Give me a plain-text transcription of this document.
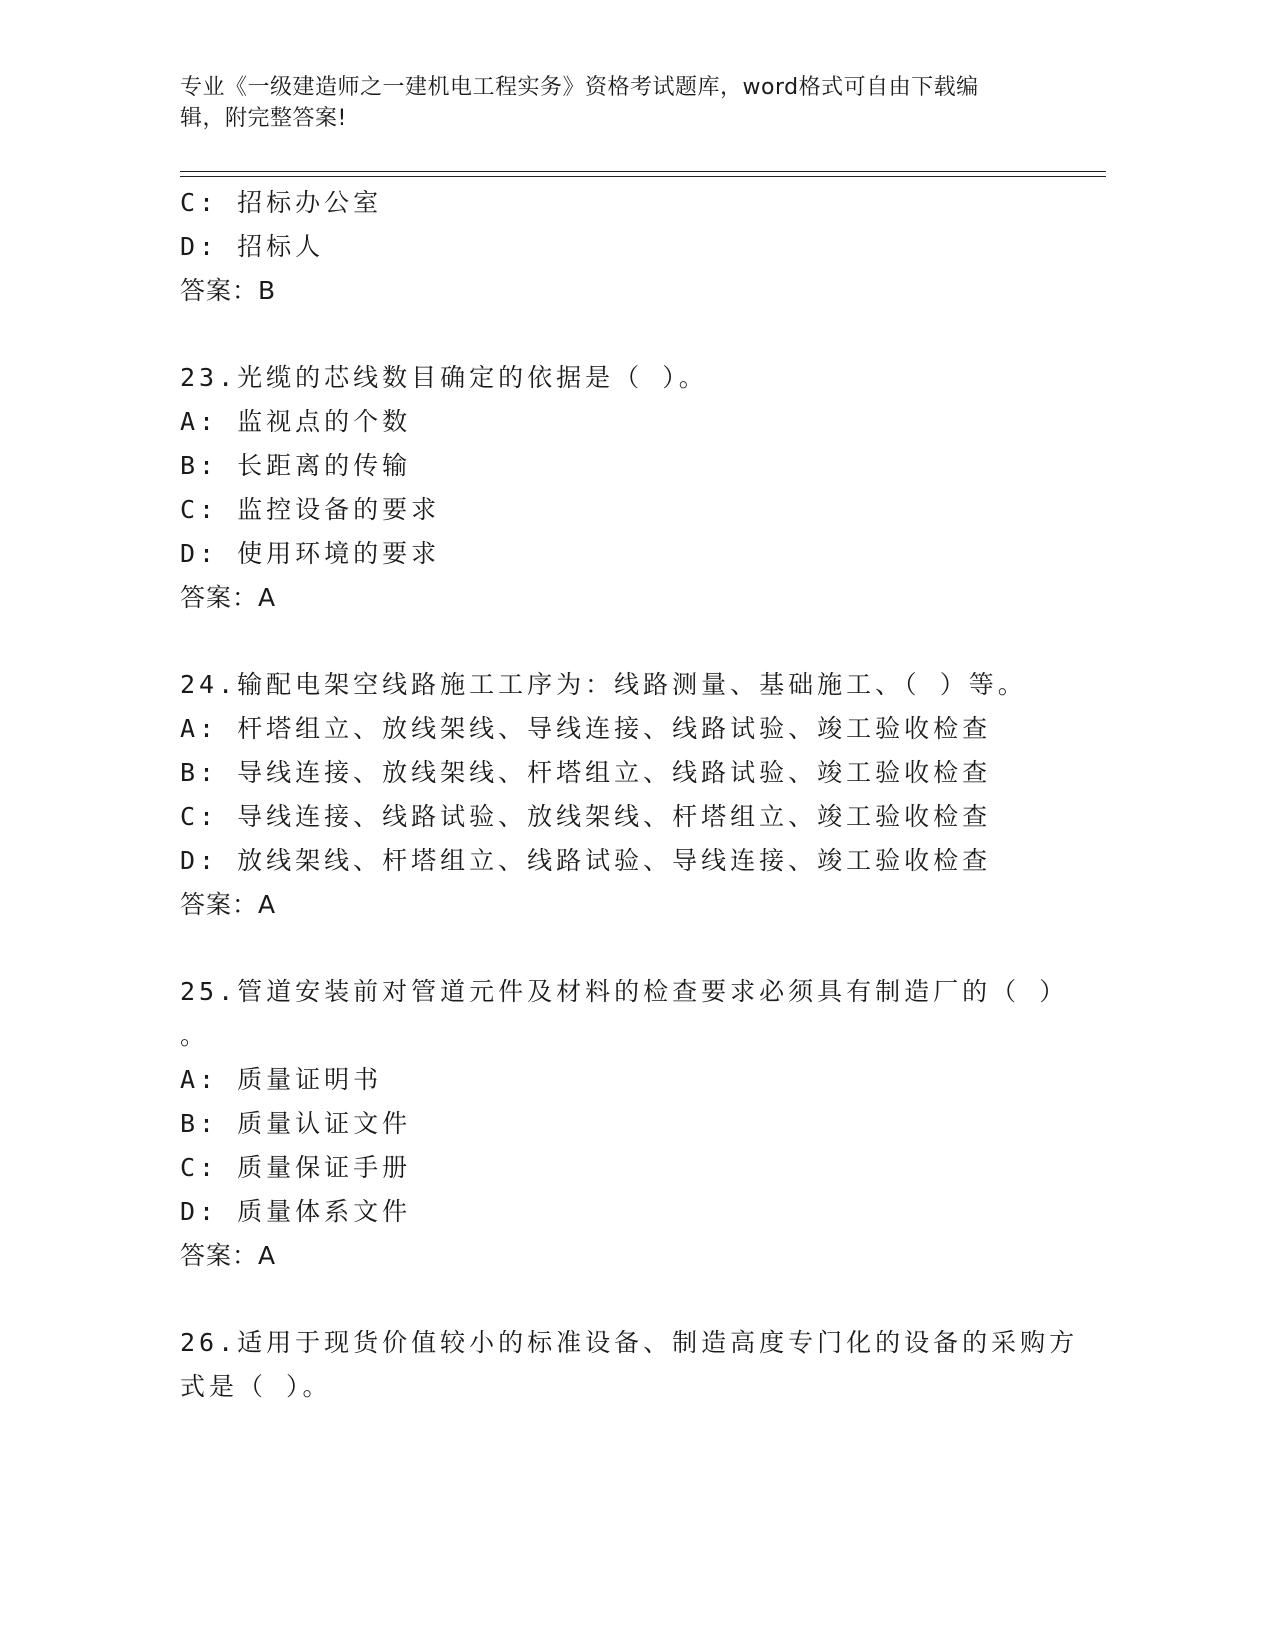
专业《一级建造师之一建机电工程实务》资格考试题库，word格式可自由下载编
辑，附完整答案!
C: 招标办公室
D: 招标人
答案：B
23.光缆的芯线数目确定的依据是（ ）。
A: 监视点的个数
B: 长距离的传输
C: 监控设备的要求
D: 使用环境的要求
答案：A
24.输配电架空线路施工工序为：线路测量、基础施工、（ ）等。
A: 杆塔组立、放线架线、导线连接、线路试验、竣工验收检查
B: 导线连接、放线架线、杆塔组立、线路试验、竣工验收检查
C: 导线连接、线路试验、放线架线、杆塔组立、竣工验收检查
D: 放线架线、杆塔组立、线路试验、导线连接、竣工验收检查
答案：A
25.管道安装前对管道元件及材料的检查要求必须具有制造厂的（ ）
。
A: 质量证明书
B: 质量认证文件
C: 质量保证手册
D: 质量体系文件
答案：A
26.适用于现货价值较小的标准设备、制造高度专门化的设备的采购方
式是（ ）。
